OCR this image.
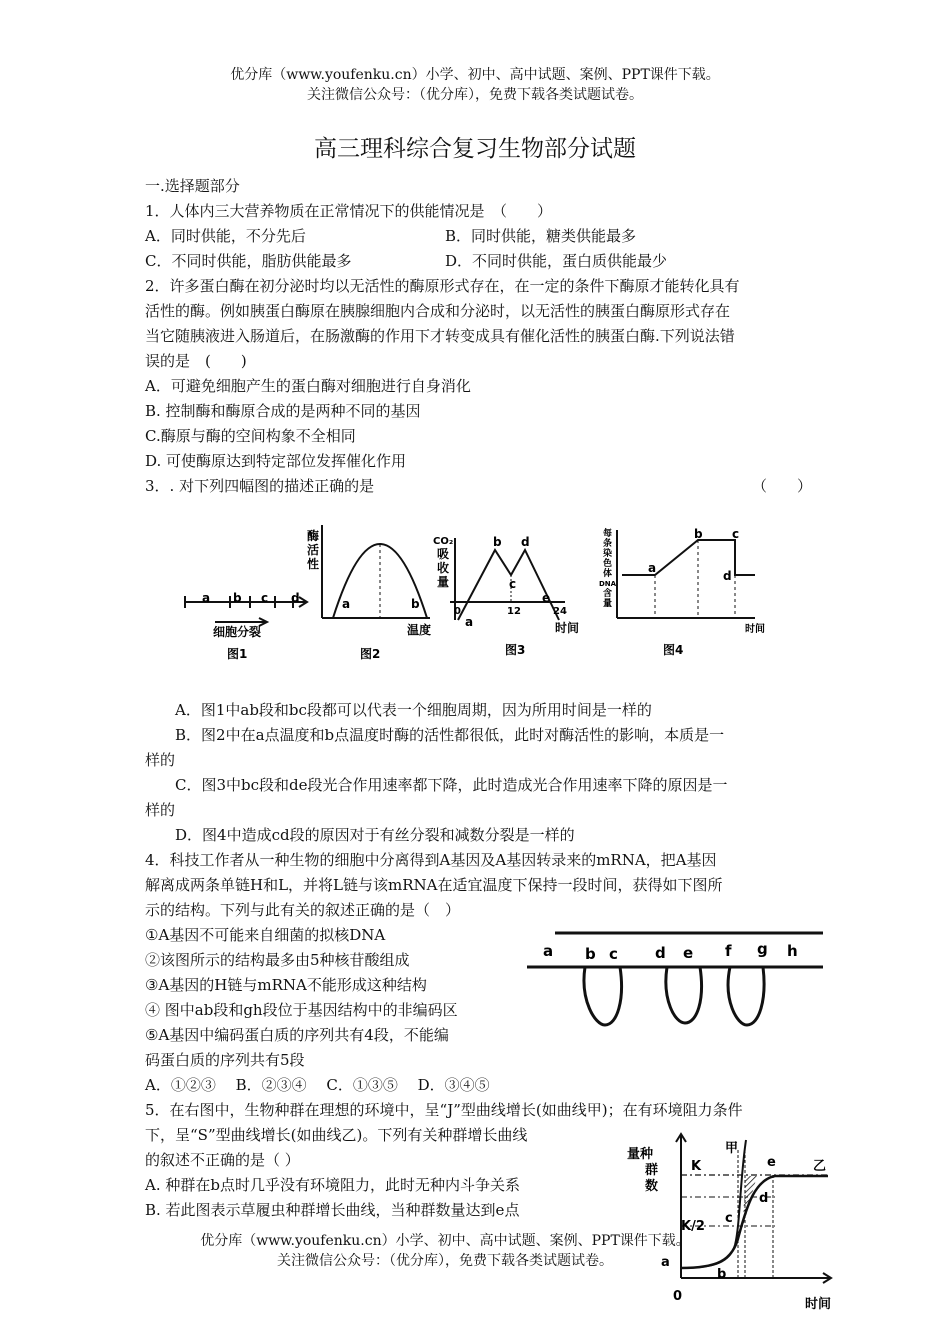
优分库（www.youfenku.cn）小学、初中、高中试题、案例、PPT课件下载。
关注微信公众号：（优分库），免费下载各类试题试卷。
高三理科综合复习生物部分试题
一.选择题部分
1．人体内三大营养物质在正常情况下的供能情况是　（　　）
A．同时供能，不分先后	B．同时供能，糖类供能最多
C．不同时供能，脂肪供能最多	D．不同时供能，蛋白质供能最少
2．许多蛋白酶在初分泌时均以无活性的酶原形式存在，在一定的条件下酶原才能转化具有
活性的酶。例如胰蛋白酶原在胰腺细胞内合成和分泌时，以无活性的胰蛋白酶原形式存在
当它随胰液进入肠道后，在肠激酶的作用下才转变成具有催化活性的胰蛋白酶.下列说法错
误的是　(　　)
A．可避免细胞产生的蛋白酶对细胞进行自身消化
B. 控制酶和酶原合成的是两种不同的基因
C.酶原与酶的空间构象不全相同
D. 可使酶原达到特定部位发挥催化作用
3．. 对下列四幅图的描述正确的是	（　　）
a b c d
细胞分裂
图1
酶
活
性
a	b
温度
图2
CO₂
吸
收
量
0	12	24
a
b
c
d
e
时间
图3
每
条
染
色
体
DNA
含
量
a
b c
d
时间
图4
A．图1中ab段和bc段都可以代表一个细胞周期，因为所用时间是一样的
B．图2中在a点温度和b点温度时酶的活性都很低，此时对酶活性的影响，本质是一
样的
C．图3中bc段和de段光合作用速率都下降，此时造成光合作用速率下降的原因是一
样的
D．图4中造成cd段的原因对于有丝分裂和减数分裂是一样的
4．科技工作者从一种生物的细胞中分离得到A基因及A基因转录来的mRNA，把A基因
解离成两条单链H和L，并将L链与该mRNA在适宜温度下保持一段时间，获得如下图所
示的结构。下列与此有关的叙述正确的是（　）
①A基因不可能来自细菌的拟核DNA
②该图所示的结构最多由5种核苷酸组成
③A基因的H链与mRNA不能形成这种结构
④ 图中ab段和gh段位于基因结构中的非编码区
⑤A基因中编码蛋白质的序列共有4段，不能编
码蛋白质的序列共有5段
A．①②③　 B．②③④　 C．①③⑤　 D．③④⑤
a b c d e f g h
5．在右图中，生物种群在理想的环境中，呈“J”型曲线增长(如曲线甲)；在有环境阻力条件
下，呈“S”型曲线增长(如曲线乙)。下列有关种群增长曲线
的叙述不正确的是（ ）
A. 种群在b点时几乎没有环境阻力，此时无种内斗争关系
B. 若此图表示草履虫种群增长曲线，当种群数量达到e点
量种
群
数
K
K/2
甲
乙
a
b
c
d
e
0
时间
优分库（www.youfenku.cn）小学、初中、高中试题、案例、PPT课件下载。
关注微信公众号：（优分库），免费下载各类试题试卷。
